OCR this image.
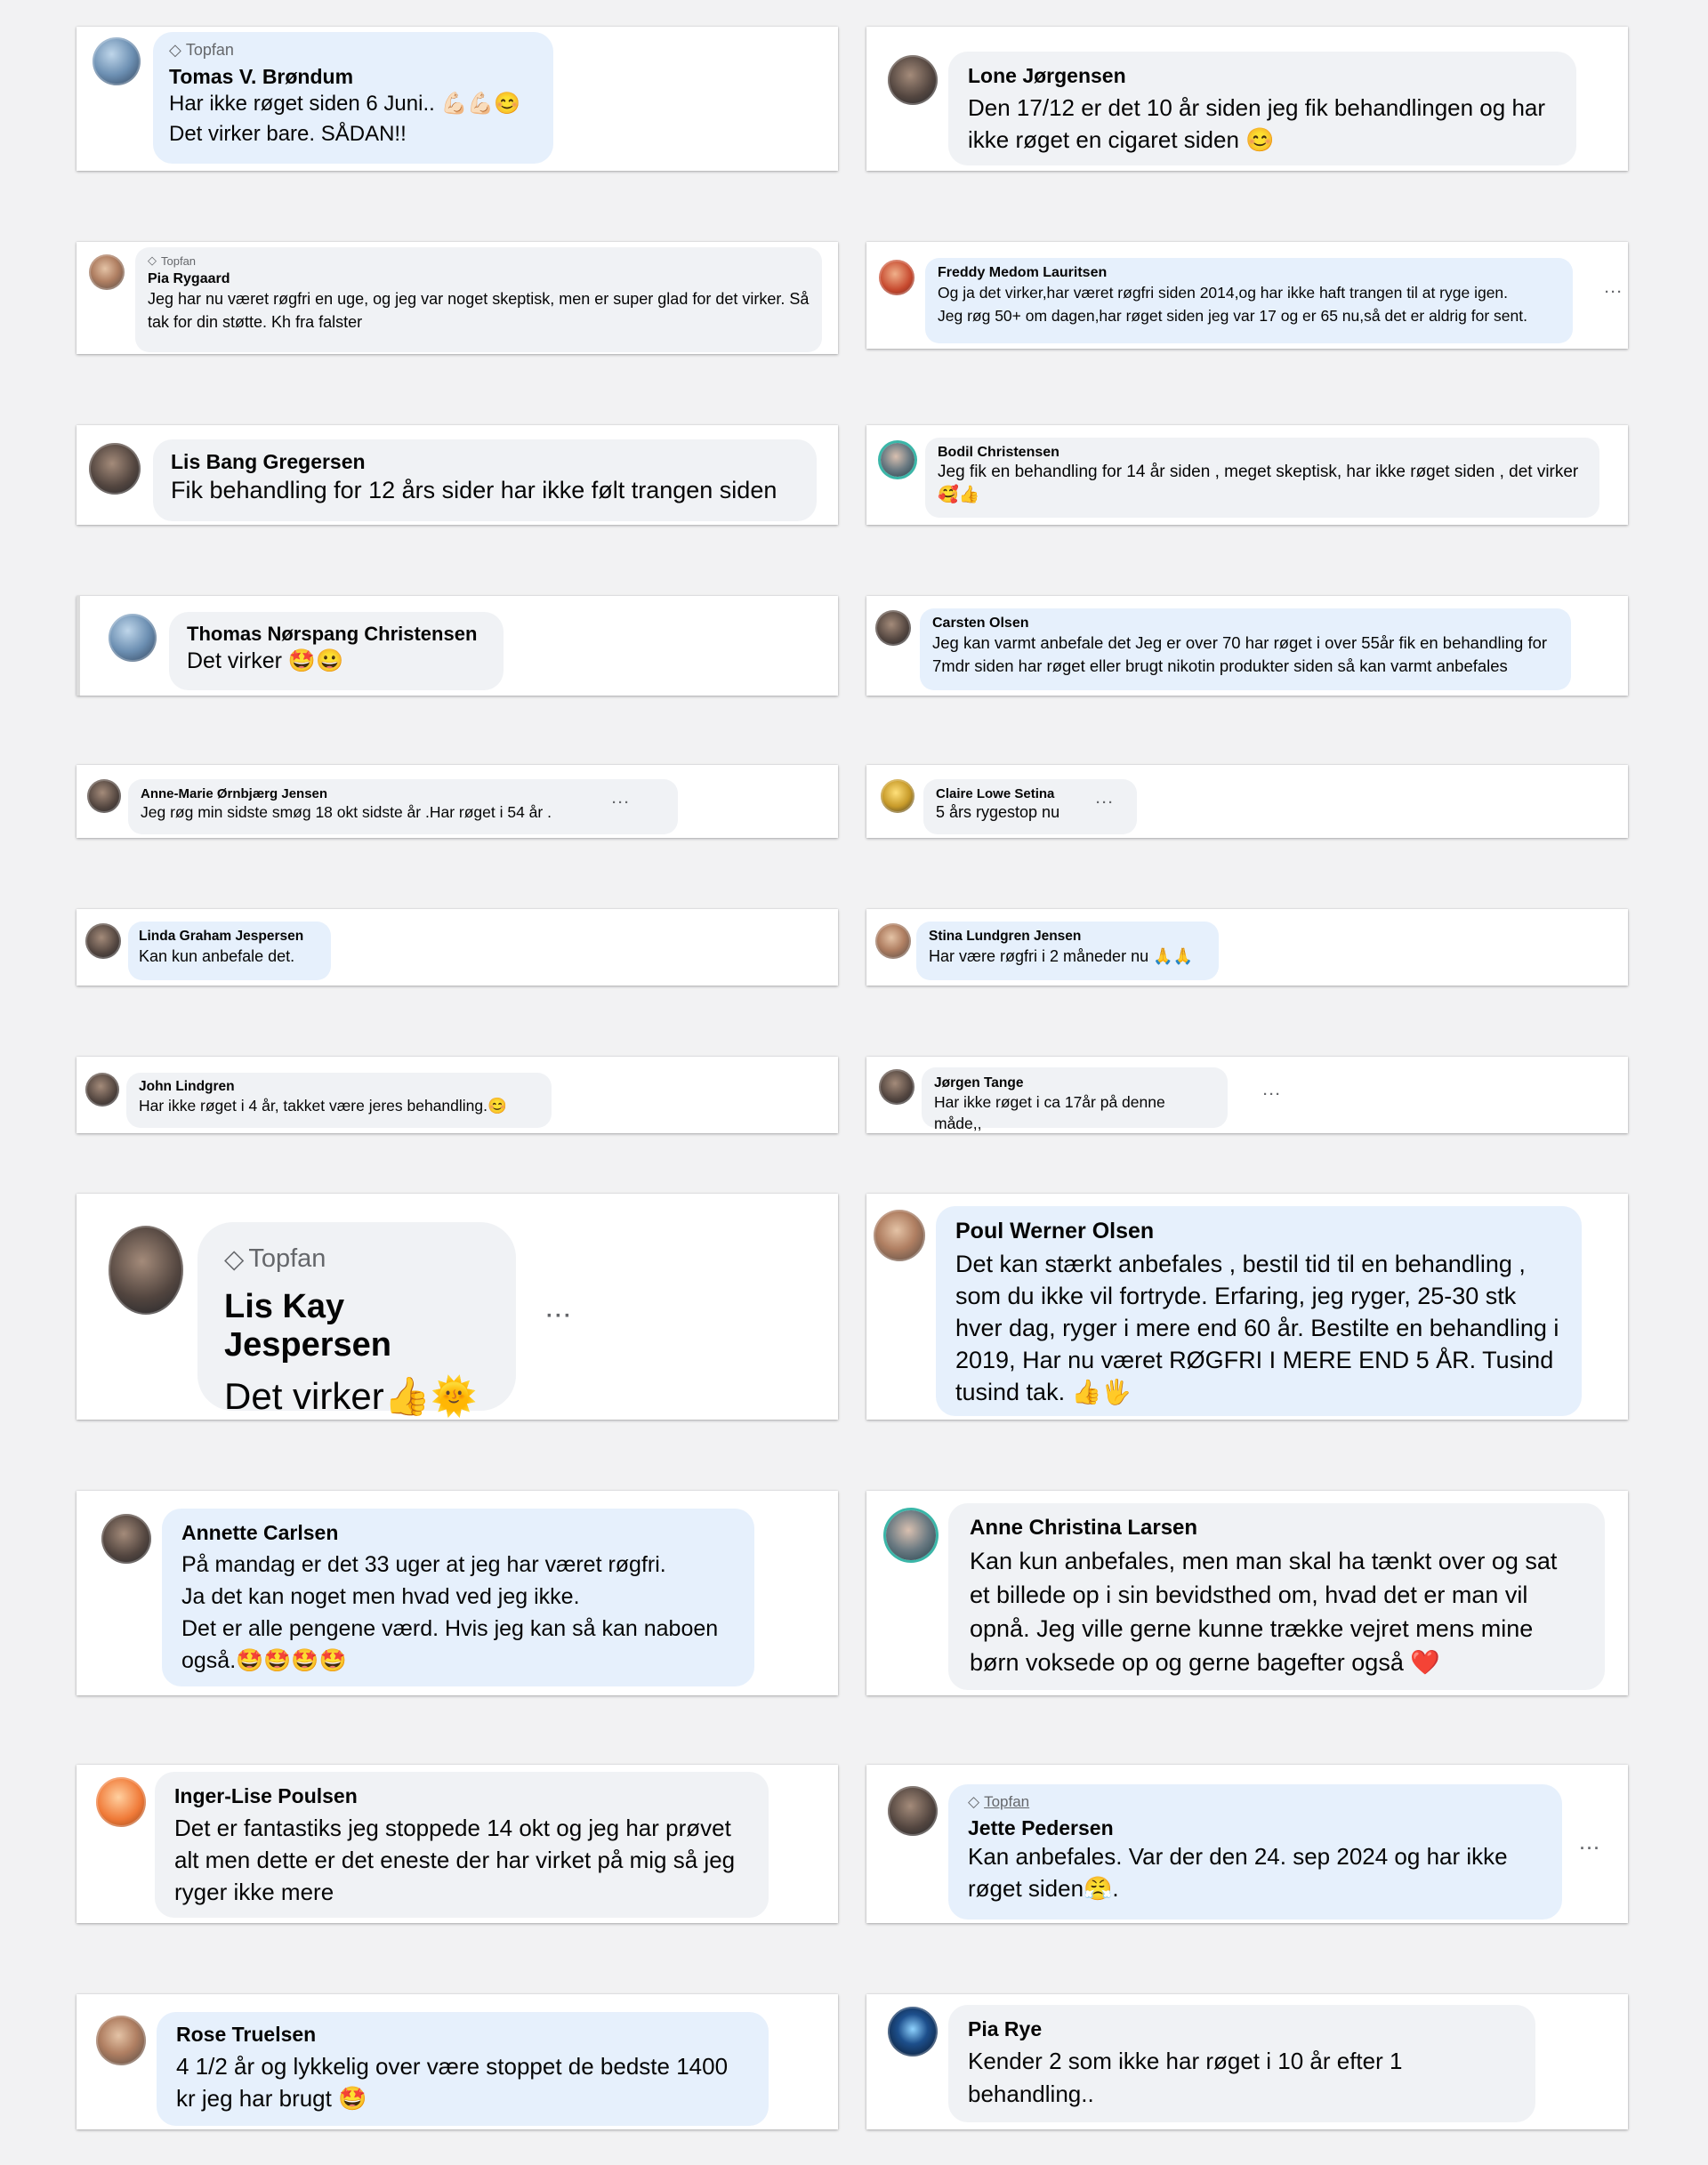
◇ Topfan
Tomas V. Brøndum
Har ikke røget siden 6 Juni.. 💪🏻💪🏻😊
Det virker bare. SÅDAN!!
Lone Jørgensen
Den 17/12 er det 10 år siden jeg fik behandlingen og har ikke røget en cigaret siden 😊
◇ Topfan
Pia Rygaard
Jeg har nu været røgfri en uge, og jeg var noget skeptisk, men er super glad for det virker. Så tak for din støtte. Kh fra falster
Freddy Medom Lauritsen
Og ja det virker,har været røgfri siden 2014,og har ikke haft trangen til at ryge igen.
Jeg røg 50+ om dagen,har røget siden jeg var 17 og er 65 nu,så det er aldrig for sent.
···
Lis Bang Gregersen
Fik behandling for 12 års sider har ikke følt trangen siden
Bodil Christensen
Jeg fik en behandling for 14 år siden , meget skeptisk, har ikke røget siden , det virker 🥰👍
Thomas Nørspang Christensen
Det virker 🤩😀
Carsten Olsen
Jeg kan varmt anbefale det Jeg er over 70 har røget i over 55år fik en behandling for 7mdr siden har røget eller brugt nikotin produkter siden så kan varmt anbefales
Anne-Marie Ørnbjærg Jensen
Jeg røg min sidste smøg 18 okt sidste år .Har røget i 54 år .
···
Claire Lowe Setina
5 års rygestop nu
···
Linda Graham Jespersen
Kan kun anbefale det.
Stina Lundgren Jensen
Har være røgfri i 2 måneder nu 🙏🙏
John Lindgren
Har ikke røget i 4 år, takket være jeres behandling.😊
Jørgen Tange
Har ikke røget i ca 17år på denne måde,,
···
◇ Topfan
Lis Kay Jespersen
Det virker👍🌞
···
Poul Werner Olsen
Det kan stærkt anbefales , bestil tid til en behandling , som du ikke vil fortryde. Erfaring, jeg ryger, 25-30 stk hver dag, ryger i mere end 60 år. Bestilte en behandling i 2019, Har nu været RØGFRI I MERE END 5 ÅR. Tusind tusind tak. 👍🖐
Annette Carlsen
På mandag er det 33 uger at jeg har været røgfri.
Ja det kan noget men hvad ved jeg ikke.
Det er alle pengene værd. Hvis jeg kan så kan naboen også.🤩🤩🤩🤩
Anne Christina Larsen
Kan kun anbefales, men man skal ha tænkt over og sat et billede op i sin bevidsthed om, hvad det er man vil opnå. Jeg ville gerne kunne trække vejret mens mine børn voksede op og gerne bagefter også ❤️
Inger-Lise Poulsen
Det er fantastiks jeg stoppede 14 okt og jeg har prøvet alt men dette er det eneste der har virket på mig så jeg ryger ikke mere
◇ Topfan
Jette Pedersen
Kan anbefales. Var der den 24. sep 2024 og har ikke røget siden😤.
···
Rose Truelsen
4 1/2 år og lykkelig over være stoppet de bedste 1400 kr jeg har brugt 🤩
Pia Rye
Kender 2 som ikke har røget i 10 år efter 1 behandling..
